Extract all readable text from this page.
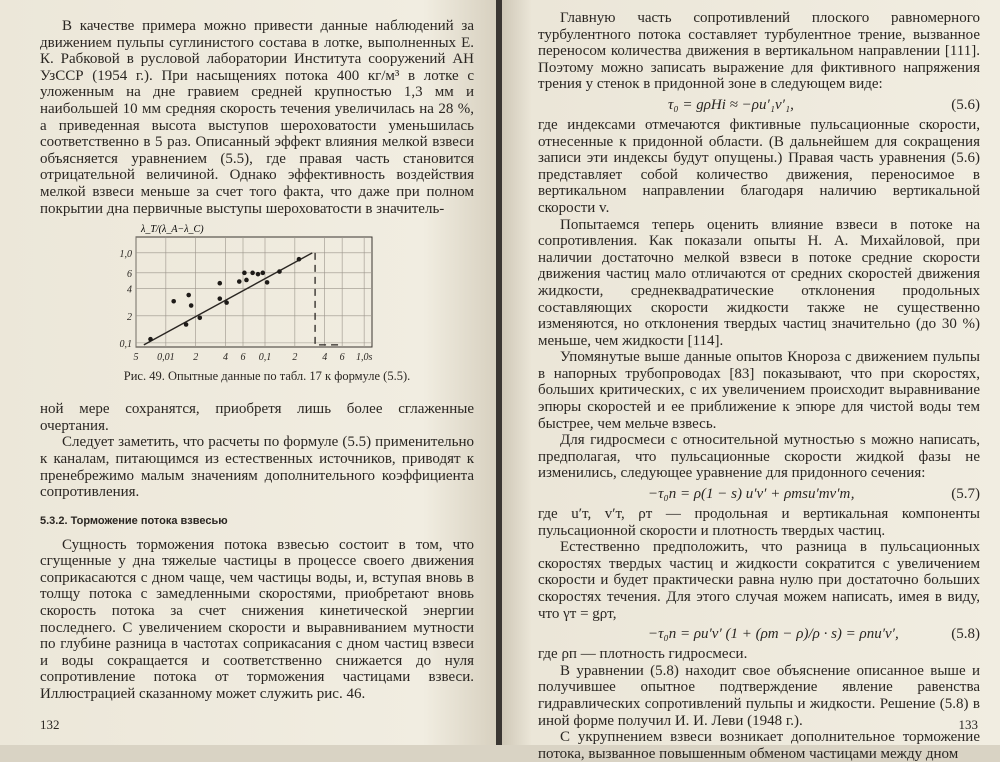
В качестве примера можно привести данные наблюдений за движением пульпы суглинистого состава в лотке, выполненных Е. К. Рабковой в русловой лаборатории Института сооружений АН УзССР (1954 г.). При насыщениях потока 400 кг/м³ в лотке с уложенным на дне гравием средней крупностью 1,3 мм и наибольшей 10 мм средняя скорость течения увеличилась на 28 %, а приведенная высота выступов шероховатости уменьшилась соответственно в 5 раз. Описанный эффект влияния мелкой взвеси объясняется уравнением (5.5), где правая часть становится отрицательной величиной. Однако эффективность воздействия мелкой взвеси меньше за счет того факта, что даже при полном покрытии дна первичные выступы шероховатости в значитель-

5 0,01 2 4 6 0,1 2 4 6 1,0s
1,0
6
4
2
0,1
λ_T/(λ_A−λ_C)
Рис. 49. Опытные данные по табл. 17 к формуле (5.5).

ной мере сохранятся, приобретя лишь более сглаженные очертания.

Следует заметить, что расчеты по формуле (5.5) применительно к каналам, питающимся из естественных источников, приводят к пренебрежимо малым значениям дополнительного коэффициента сопротивления.

5.3.2. Торможение потока взвесью

Сущность торможения потока взвесью состоит в том, что сгущенные у дна тяжелые частицы в процессе своего движения соприкасаются с дном чаще, чем частицы воды, и, вступая вновь в толщу потока с замедленными скоростями, приобретают вновь скорость потока за счет снижения кинетической энергии последнего. С увеличением скорости и выравниванием мутности по глубине разница в частотах соприкасания с дном частиц взвеси и воды сокращается и соответственно снижается до нуля сопротивление потока от торможения частицами взвеси. Иллюстрацией сказанному может служить рис. 46.

132

Главную часть сопротивлений плоского равномерного турбулентного потока составляет турбулентное трение, вызванное переносом количества движения в вертикальном направлении [111]. Поэтому можно записать выражение для фиктивного напряжения трения у стенок в придонной зоне в следующем виде:

τ₀ = gρHi ≈ −ρu′₁v′₁,	(5.6)

где индексами отмечаются фиктивные пульсационные скорости, отнесенные к придонной области. (В дальнейшем для сокращения записи эти индексы будут опущены.) Правая часть уравнения (5.6) представляет собой количество движения, переносимое в вертикальном направлении благодаря наличию вертикальной скорости v.

Попытаемся теперь оценить влияние взвеси в потоке на сопротивления. Как показали опыты Н. А. Михайловой, при наличии достаточно мелкой взвеси в потоке средние скорости движения частиц мало отличаются от средних скоростей движения жидкости, среднеквадратические отклонения продольных составляющих скорости жидкости также не существенно изменяются, но отклонения твердых частиц значительно (до 30 %) меньше, чем жидкости [114].

Упомянутые выше данные опытов Кнороза с движением пульпы в напорных трубопроводах [83] показывают, что при скоростях, больших критических, с их увеличением происходит выравнивание эпюры скоростей и ее приближение к эпюре для чистой воды тем быстрее, чем мельче взвесь.

Для гидросмеси с относительной мутностью s можно написать, предполагая, что пульсационные скорости жидкой фазы не изменились, следующее уравнение для придонного сечения:

−τ₀п = ρ(1 − s) u′v′ + ρтsu′тv′т,	(5.7)

где u′т, v′т, ρт — продольная и вертикальная компоненты пульсационной скорости и плотность твердых частиц.

Естественно предположить, что разница в пульсационных скоростях твердых частиц и жидкости сократится с увеличением скорости и будет практически равна нулю при достаточно больших скоростях течения. Для этого случая можем написать, имея в виду, что γт = gρт,

−τ₀п = ρu′v′ (1 + (ρт − ρ)/ρ · s) = ρпu′v′,	(5.8)

где ρп — плотность гидросмеси.

В уравнении (5.8) находит свое объяснение описанное выше и получившее опытное подтверждение явление равенства гидравлических сопротивлений пульпы и жидкости. Решение (5.8) в иной форме получил И. И. Леви (1948 г.).

С укрупнением взвеси возникает дополнительное торможение потока, вызванное повышенным обменом частицами между дном

133
